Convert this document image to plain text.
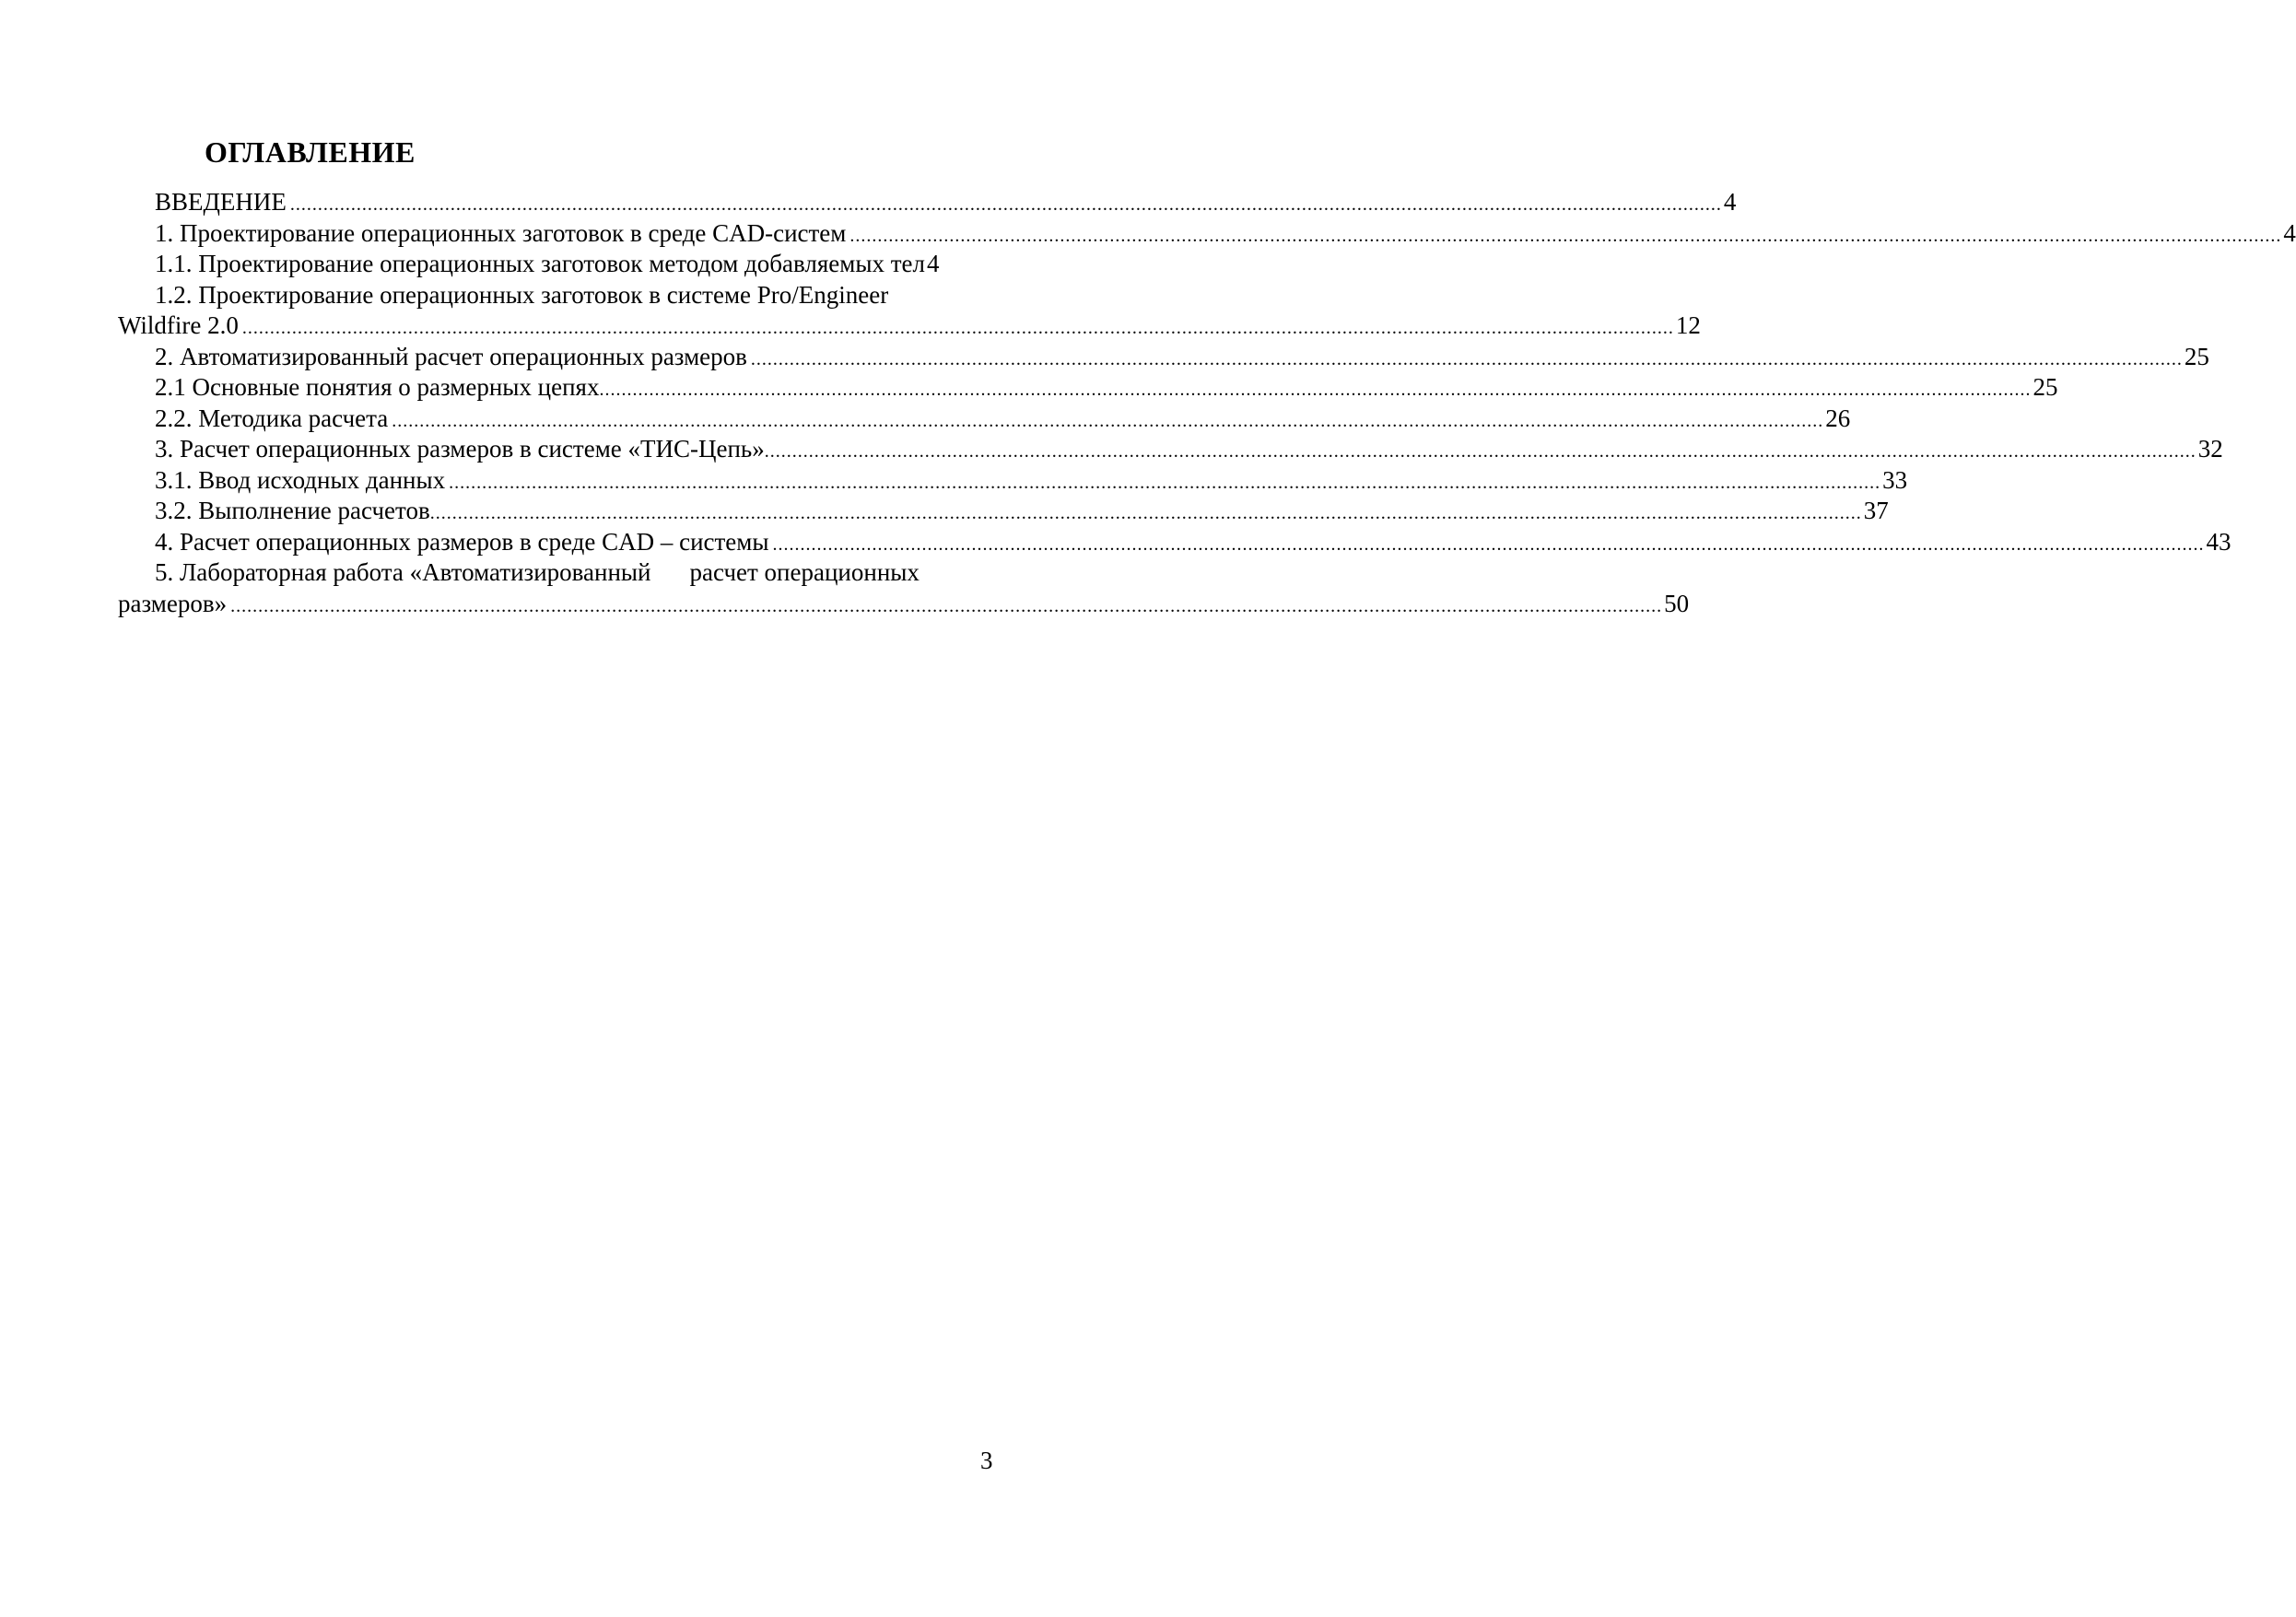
ОГЛАВЛЕНИЕ
ВВЕДЕНИЕ ................................................................................................................................................................................................................................................................... 4
1. Проектирование операционных заготовок в среде CAD-систем ................................................................................................................................................................................................................................................................... 4
1.1. Проектирование операционных заготовок методом добавляемых тел 4
1.2. Проектирование операционных заготовок в системе Pro/Engineer
Wildfire 2.0 ................................................................................................................................................................................................................................................................... 12
2. Автоматизированный расчет операционных размеров ................................................................................................................................................................................................................................................................... 25
2.1 Основные понятия о размерных цепях ................................................................................................................................................................................................................................................................... 25
2.2. Методика расчета ................................................................................................................................................................................................................................................................... 26
3. Расчет операционных размеров в системе «ТИС-Цепь» ................................................................................................................................................................................................................................................................... 32
3.1. Ввод исходных данных ................................................................................................................................................................................................................................................................... 33
3.2. Выполнение расчетов ................................................................................................................................................................................................................................................................... 37
4. Расчет операционных размеров в среде CAD – системы ................................................................................................................................................................................................................................................................... 43
5. Лабораторная работа «Автоматизированный расчет операционных
размеров» ................................................................................................................................................................................................................................................................... 50
3
